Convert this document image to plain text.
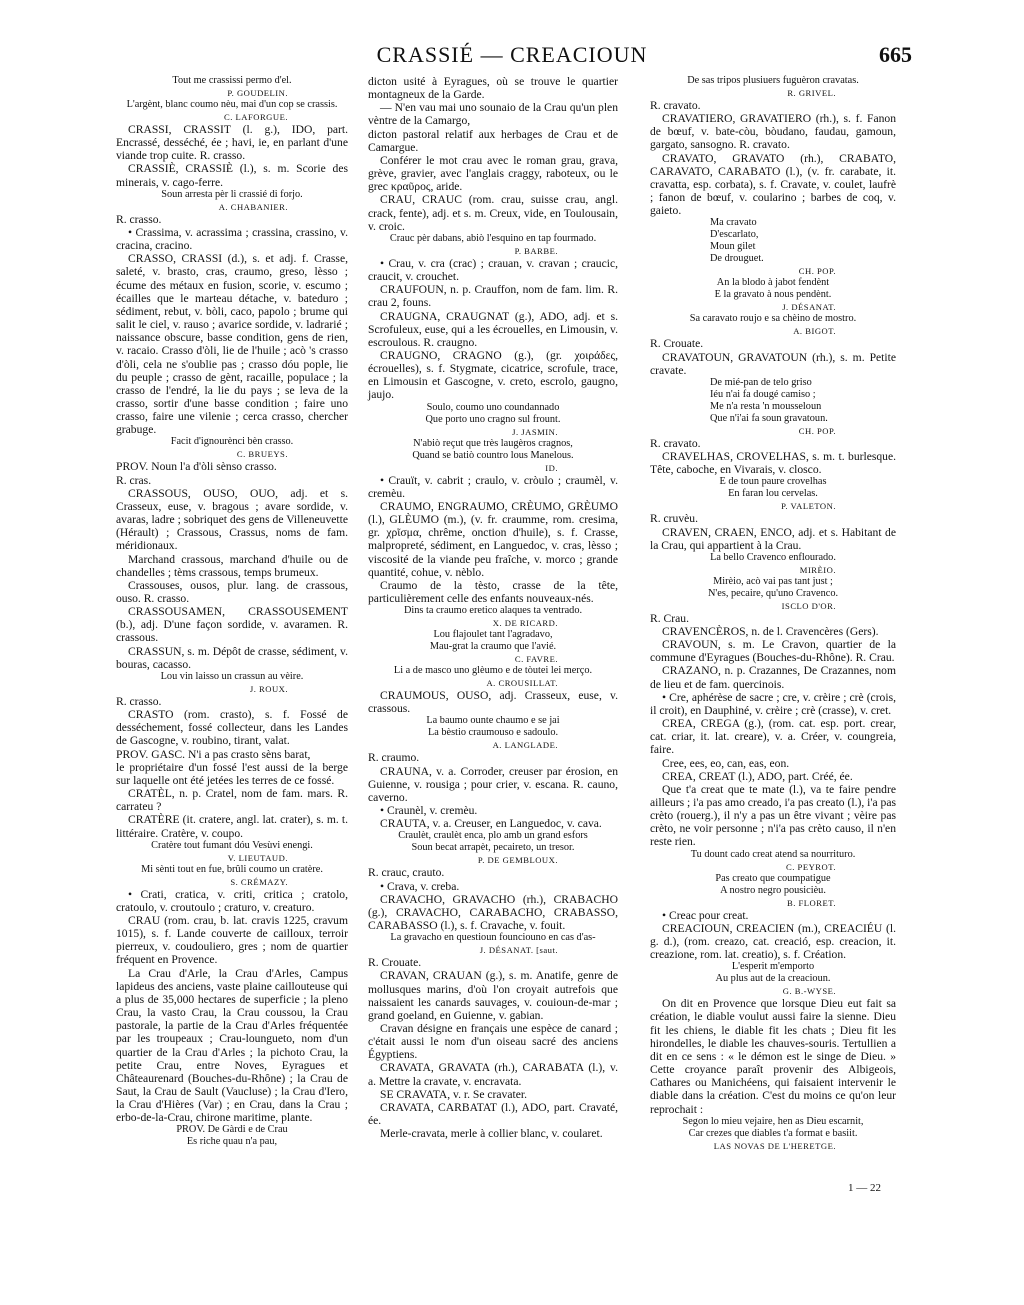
CRASSIÉ — CREACIOUN	665

Tout me crassissi permo d'el.

P. GOUDELIN.

L'argènt, blanc coumo nèu, mai d'un cop se crassis.

C. LAFORGUE.

CRASSI, CRASSIT (l. g.), IDO, part. Encrassé, desséché, ée ; havi, ie, en parlant d'une viande trop cuite. R. crasso.

CRASSIÈ, CRASSIÈ (l.), s. m. Scorie des minerais, v. cago-ferre.

Soun arresta pèr li crassié di forjo.

A. CHABANIER.

R. crasso.

• Crassima, v. acrassima ; crassina, crassino, v. cracina, cracino.

CRASSO, CRASSI (d.), s. et adj. f. Crasse, saleté, v. brasto, cras, craumo, greso, lèsso ; écume des métaux en fusion, scorie, v. escumo ; écailles que le marteau détache, v. bateduro ; sédiment, rebut, v. bòli, caco, papolo ; brume qui salit le ciel, v. rauso ; avarice sordide, v. ladrarié ; naissance obscure, basse condition, gens de rien, v. racaio. Crasso d'òli, lie de l'huile ; acò 's crasso d'òli, cela ne s'oublie pas ; crasso dóu pople, lie du peuple ; crasso de gènt, racaille, populace ; la crasso de l'endré, la lie du pays ; se leva de la crasso, sortir d'une basse condition ; faire uno crasso, faire une vilenie ; cerca crasso, chercher grabuge.

Facit d'ignourènci bèn crasso.

C. BRUEYS.

PROV. Noun l'a d'òli sènso crasso.

R. cras.

CRASSOUS, OUSO, OUO, adj. et s. Crasseux, euse, v. bragous ; avare sordide, v. avaras, ladre ; sobriquet des gens de Villeneuvette (Hérault) ; Crassous, Crassus, noms de fam. méridionaux.

Marchand crassous, marchand d'huile ou de chandelles ; tèms crassous, temps brumeux.

Crassouses, ousos, plur. lang. de crassous, ouso. R. crasso.

CRASSOUSAMEN, CRASSOUSEMENT (b.), adj. D'une façon sordide, v. avaramen. R. crassous.

CRASSUN, s. m. Dépôt de crasse, sédiment, v. bouras, cacasso.

Lou vin laisso un crassun au vèire.

J. ROUX.

R. crasso.

CRASTO (rom. crasto), s. f. Fossé de desséchement, fossé collecteur, dans les Landes de Gascogne, v. roubino, tirant, valat.

PROV. GASC. N'i a pas crasto sèns barat,

le propriétaire d'un fossé l'est aussi de la berge sur laquelle ont été jetées les terres de ce fossé.

CRATÈL, n. p. Cratel, nom de fam. mars. R. carrateu ?

CRATÈRE (it. cratere, angl. lat. crater), s. m. t. littéraire. Cratère, v. coupo.

Cratère tout fumant dóu Vesùvi enengi.

V. LIEUTAUD.

Mi sènti tout en fue, brûli coumo un cratère.

S. CRÉMAZY.

• Crati, cratica, v. criti, critica ; cratolo, cratoulo, v. croutoulo ; craturo, v. creaturo.

CRAU (rom. crau, b. lat. cravis 1225, cravum 1015), s. f. Lande couverte de cailloux, terroir pierreux, v. coudouliero, gres ; nom de quartier fréquent en Provence.

La Crau d'Arle, la Crau d'Arles, Campus lapideus des anciens, vaste plaine caillouteuse qui a plus de 35,000 hectares de superficie ; la pleno Crau, la vasto Crau, la Crau coussou, la Crau pastorale, la partie de la Crau d'Arles fréquentée par les troupeaux ; Crau-loungueto, nom d'un quartier de la Crau d'Arles ; la pichoto Crau, la petite Crau, entre Noves, Eyragues et Châteaurenard (Bouches-du-Rhône) ; la Crau de Saut, la Crau de Sault (Vaucluse) ; la Crau d'Iero, la Crau d'Hières (Var) ; en Crau, dans la Crau ; erbo-de-la-Crau, chirone maritime, plante.

PROV. De Gàrdi e de Crau

Es riche quau n'a pau,

dicton usité à Eyragues, où se trouve le quartier montagneux de la Garde.

— N'en vau mai uno sounaio de la Crau qu'un plen vèntre de la Camargo,

dicton pastoral relatif aux herbages de Crau et de Camargue.

Conférer le mot crau avec le roman grau, grava, grève, gravier, avec l'anglais craggy, raboteux, ou le grec κραῦρος, aride.

CRAU, CRAUC (rom. crau, suisse crau, angl. crack, fente), adj. et s. m. Creux, vide, en Toulousain, v. croic.

Crauc pèr dabans, abiò l'esquino en tap fourmado.

P. BARBE.

• Crau, v. cra (crac) ; crauan, v. cravan ; craucic, craucit, v. crouchet.

CRAUFOUN, n. p. Crauffon, nom de fam. lim. R. crau 2, founs.

CRAUGNA, CRAUGNAT (g.), ADO, adj. et s. Scrofuleux, euse, qui a les écrouelles, en Limousin, v. escroulous. R. craugno.

CRAUGNO, CRAGNO (g.), (gr. χοιράδες, écrouelles), s. f. Stygmate, cicatrice, scrofule, trace, en Limousin et Gascogne, v. creto, escrolo, gaugno, jaujo.

Soulo, coumo uno coundannado

Que porto uno cragno sul frount.

J. JASMIN.

N'abiò reçut que très laugèros cragnos,

Quand se batiò countro lous Manelous.

ID.

• Crauït, v. cabrit ; craulo, v. cròulo ; craumèl, v. cremèu.

CRAUMO, ENGRAUMO, CRÈUMO, GRÈUMO (l.), GLÈUMO (m.), (v. fr. craumme, rom. cresima, gr. χρῖσμα, chrême, onction d'huile), s. f. Crasse, malpropreté, sédiment, en Languedoc, v. cras, lèsso ; viscosité de la viande peu fraîche, v. morco ; grande quantité, cohue, v. nèblo.

Craumo de la tèsto, crasse de la tête, particulièrement celle des enfants nouveaux-nés.

Dins ta craumo eretico alaques ta ventrado.

X. DE RICARD.

Lou flajoulet tant l'agradavo,

Mau-grat la craumo que l'avié.

C. FAVRE.

Li a de masco uno glèumo e de tòutei lei merço.

A. CROUSILLAT.

CRAUMOUS, OUSO, adj. Crasseux, euse, v. crassous.

La baumo ounte chaumo e se jai

La bèstio craumouso e sadoulo.

A. LANGLADE.

R. craumo.

CRAUNA, v. a. Corroder, creuser par érosion, en Guienne, v. rousiga ; pour crier, v. escana. R. cauno, caverno.

• Craunèl, v. cremèu.

CRAUTA, v. a. Creuser, en Languedoc, v. cava.

Craulèt, craulèt enca, plo amb un grand esfors

Soun becat arrapèt, pecaireto, un tresor.

P. DE GEMBLOUX.

R. crauc, crauto.

• Crava, v. creba.

CRAVACHO, GRAVACHO (rh.), CRABACHO (g.), CRAVACHO, CARABACHO, CRABASSO, CARABASSO (l.), s. f. Cravache, v. fouit.

La gravacho en questioun founciouno en cas d'as-

J. DÉSANAT. [saut.

R. Crouate.

CRAVAN, CRAUAN (g.), s. m. Anatife, genre de mollusques marins, d'où l'on croyait autrefois que naissaient les canards sauvages, v. couioun-de-mar ; grand goeland, en Guienne, v. gabian.

Cravan désigne en français une espèce de canard ; c'était aussi le nom d'un oiseau sacré des anciens Égyptiens.

CRAVATA, GRAVATA (rh.), CARABATA (l.), v. a. Mettre la cravate, v. encravata.

SE CRAVATA, v. r. Se cravater.

CRAVATA, CARBATAT (l.), ADO, part. Cravaté, ée.

Merle-cravata, merle à collier blanc, v. coularet.

De sas tripos plusiuers fuguèron cravatas.

R. GRIVEL.

R. cravato.

CRAVATIERO, GRAVATIERO (rh.), s. f. Fanon de bœuf, v. bate-còu, bòudano, faudau, gamoun, gargato, sansogno. R. cravato.

CRAVATO, GRAVATO (rh.), CRABATO, CARAVATO, CARABATO (l.), (v. fr. carabate, it. cravatta, esp. corbata), s. f. Cravate, v. coulet, laufrè ; fanon de bœuf, v. coularino ; barbes de coq, v. gaieto.

Ma cravato

D'escarlato,

Moun gilet

De drouguet.

CH. POP.

An la blodo à jabot fendènt

E la gravato à nous pendènt.

J. DÉSANAT.

Sa caravato roujo e sa chèino de mostro.

A. BIGOT.

R. Crouate.

CRAVATOUN, GRAVATOUN (rh.), s. m. Petite cravate.

De mié-pan de telo griso

Iéu n'ai fa dougé camiso ;

Me n'a resta 'n mousseloun

Que n'i'ai fa soun gravatoun.

CH. POP.

R. cravato.

CRAVELHAS, CROVELHAS, s. m. t. burlesque. Tête, caboche, en Vivarais, v. closco.

E de toun paure crovelhas

En faran lou cervelas.

P. VALETON.

R. cruvèu.

CRAVEN, CRAEN, ENCO, adj. et s. Habitant de la Crau, qui appartient à la Crau.

La bello Cravenco enflourado.

MIRÈIO.

Mirèio, acò vai pas tant just ;

N'es, pecaire, qu'uno Cravenco.

ISCLO D'OR.

R. Crau.

CRAVENCÈROS, n. de l. Cravencères (Gers).

CRAVOUN, s. m. Le Cravon, quartier de la commune d'Eyragues (Bouches-du-Rhône). R. Crau.

CRAZANO, n. p. Crazannes, De Crazannes, nom de lieu et de fam. quercinois.

• Cre, aphérèse de sacre ; cre, v. crèire ; crè (crois, il croit), en Dauphiné, v. crèire ; crè (crasse), v. cret.

CREA, CREGA (g.), (rom. cat. esp. port. crear, cat. criar, it. lat. creare), v. a. Créer, v. coungreia, faire.

Cree, ees, eo, can, eas, eon.

CREA, CREAT (l.), ADO, part. Créé, ée.

Que t'a creat que te mate (l.), va te faire pendre ailleurs ; i'a pas amo creado, i'a pas creato (l.), i'a pas crèto (rouerg.), il n'y a pas un être vivant ; vèire pas crèto, ne voir personne ; n'i'a pas crèto causo, il n'en reste rien.

Tu dount cado creat atend sa nourrituro.

C. PEYROT.

Pas creato que coumpatigue

A nostro negro pousicièu.

B. FLORET.

• Creac pour creat.

CREACIOUN, CREACIEN (m.), CREACIÉU (l. g. d.), (rom. creazo, cat. creació, esp. creacion, it. creazione, rom. lat. creatio), s. f. Création.

L'esperit m'emporto

Au plus aut de la creacioun.

G. B.-WYSE.

On dit en Provence que lorsque Dieu eut fait sa création, le diable voulut aussi faire la sienne. Dieu fit les chiens, le diable fit les chats ; Dieu fit les hirondelles, le diable les chauves-souris. Tertullien a dit en ce sens : « le démon est le singe de Dieu. » Cette croyance paraît provenir des Albigeois, Cathares ou Manichéens, qui faisaient intervenir le diable dans la création. C'est du moins ce qu'on leur reprochait :

Segon lo mieu vejaire, hen as Dieu escarnit,

Car crezes que diables t'a format e basiit.

LAS NOVAS DE L'HERETGE.

1 — 22
